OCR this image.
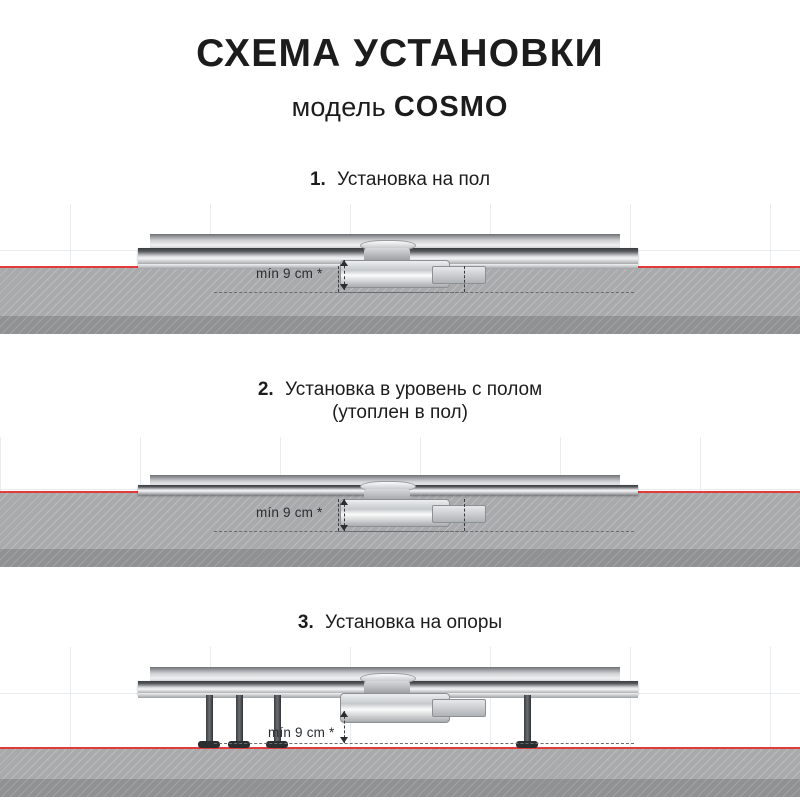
СХЕМА УСТАНОВКИ
модель COSMO
1. Установка на пол
mín 9 cm *
2. Установка в уровень с полом
(утоплен в пол)
mín 9 cm *
3. Установка на опоры
mín 9 cm *
